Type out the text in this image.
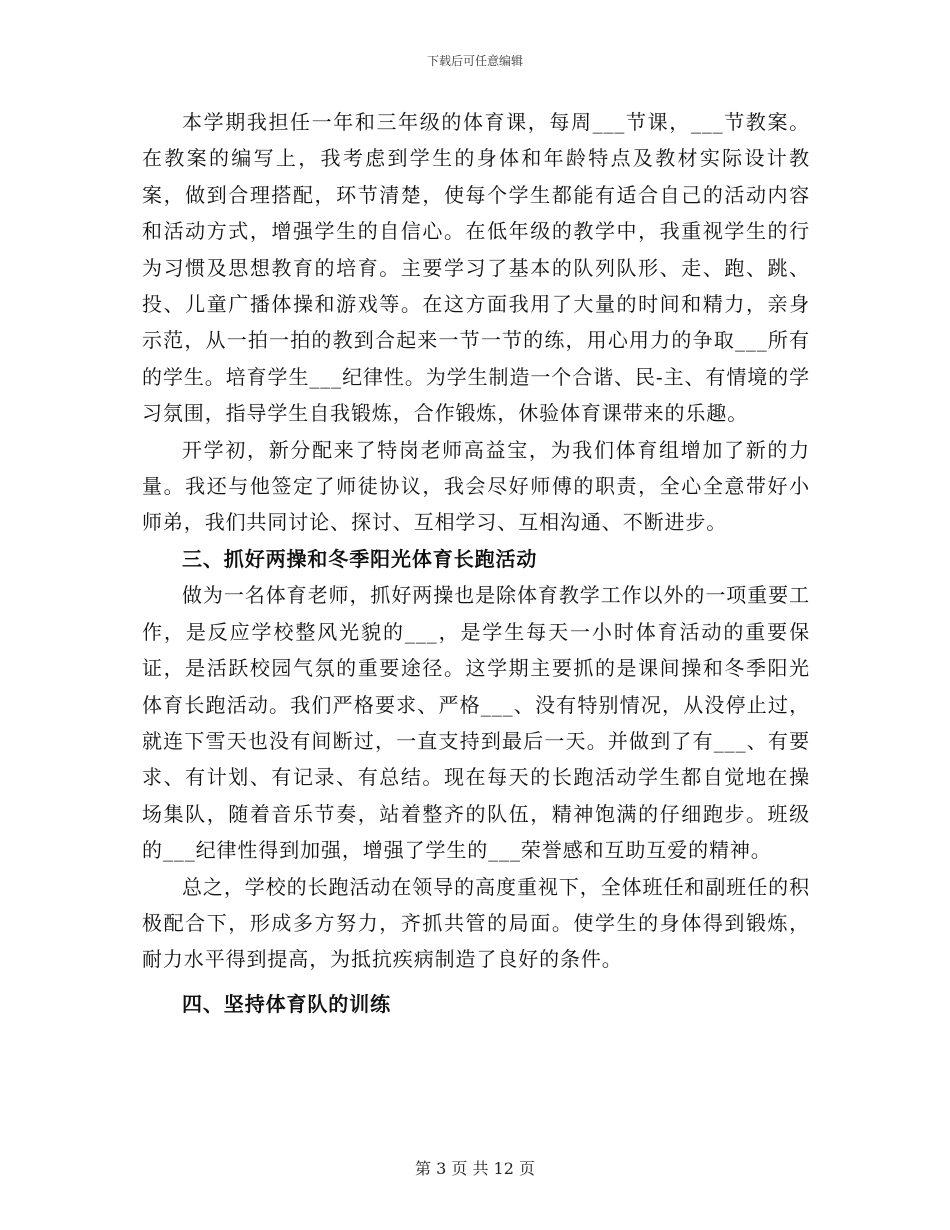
下载后可任意编辑

本学期我担任一年和三年级的体育课，每周___节课，___节教案。在教案的编写上，我考虑到学生的身体和年龄特点及教材实际设计教案，做到合理搭配，环节清楚，使每个学生都能有适合自己的活动内容和活动方式，增强学生的自信心。在低年级的教学中，我重视学生的行为习惯及思想教育的培育。主要学习了基本的队列队形、走、跑、跳、投、儿童广播体操和游戏等。在这方面我用了大量的时间和精力，亲身示范，从一拍一拍的教到合起来一节一节的练，用心用力的争取___所有的学生。培育学生___纪律性。为学生制造一个合谐、民-主、有情境的学习氛围，指导学生自我锻炼，合作锻炼，休验体育课带来的乐趣。

开学初，新分配来了特岗老师高益宝，为我们体育组增加了新的力量。我还与他签定了师徒协议，我会尽好师傅的职责，全心全意带好小师弟，我们共同讨论、探讨、互相学习、互相沟通、不断进步。

三、抓好两操和冬季阳光体育长跑活动

做为一名体育老师，抓好两操也是除体育教学工作以外的一项重要工作，是反应学校整风光貌的___，是学生每天一小时体育活动的重要保证，是活跃校园气氛的重要途径。这学期主要抓的是课间操和冬季阳光体育长跑活动。我们严格要求、严格___、没有特别情况，从没停止过，就连下雪天也没有间断过，一直支持到最后一天。并做到了有___、有要求、有计划、有记录、有总结。现在每天的长跑活动学生都自觉地在操场集队，随着音乐节奏，站着整齐的队伍，精神饱满的仔细跑步。班级的___纪律性得到加强，增强了学生的___荣誉感和互助互爱的精神。

总之，学校的长跑活动在领导的高度重视下，全体班任和副班任的积极配合下，形成多方努力，齐抓共管的局面。使学生的身体得到锻炼，耐力水平得到提高，为抵抗疾病制造了良好的条件。

四、坚持体育队的训练
第 3 页 共 12 页
